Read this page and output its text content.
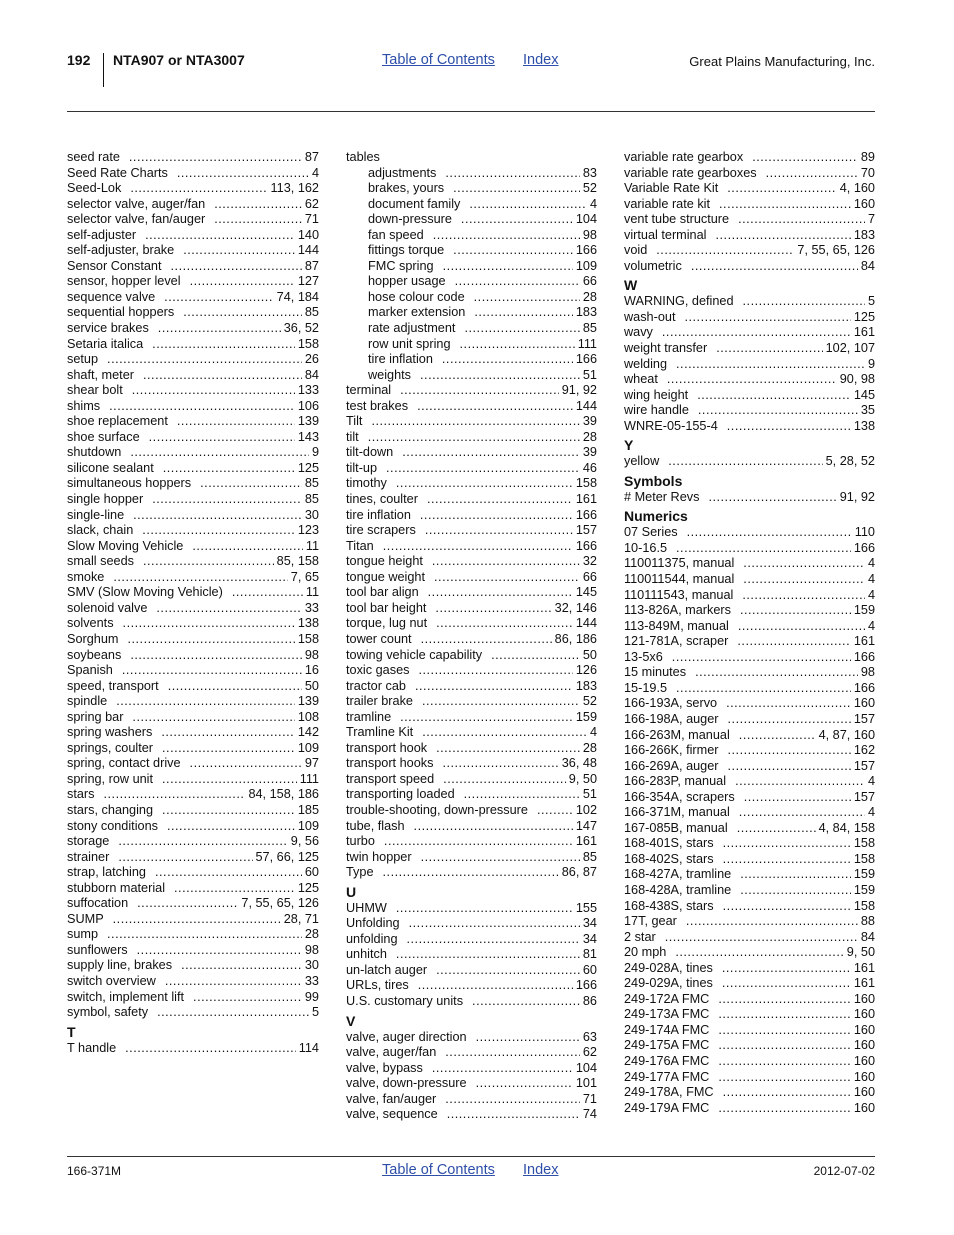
192 NTA907 or NTA3007	Table of Contents Index	Great Plains Manufacturing, Inc.
seed rate .....	87
Seed Rate Charts .....	4
Seed-Lok .....	113, 162
selector valve, auger/fan .....	62
selector valve, fan/auger .....	71
self-adjuster .....	140
self-adjuster, brake .....	144
Sensor Constant .....	87
sensor, hopper level .....	127
sequence valve .....	74, 184
sequential hoppers .....	85
service brakes .....	36, 52
Setaria italica .....	158
setup .....	26
shaft, meter .....	84
shear bolt .....	133
shims .....	106
shoe replacement .....	139
shoe surface .....	143
shutdown .....	9
silicone sealant .....	125
simultaneous hoppers .....	85
single hopper .....	85
single-line .....	30
slack, chain .....	123
Slow Moving Vehicle .....	11
small seeds .....	85, 158
smoke .....	7, 65
SMV (Slow Moving Vehicle) .....	11
solenoid valve .....	33
solvents .....	138
Sorghum .....	158
soybeans .....	98
Spanish .....	16
speed, transport .....	50
spindle .....	139
spring bar .....	108
spring washers .....	142
springs, coulter .....	109
spring, contact drive .....	97
spring, row unit .....	111
stars .....	84, 158, 186
stars, changing .....	185
stony conditions .....	109
storage .....	9, 56
strainer .....	57, 66, 125
strap, latching .....	60
stubborn material .....	125
suffocation .....	7, 55, 65, 126
SUMP .....	28, 71
sump .....	28
sunflowers .....	98
supply line, brakes .....	30
switch overview .....	33
switch, implement lift .....	99
symbol, safety .....	5
T
T handle .....	114
tables
adjustments .....	83
brakes, yours .....	52
document family .....	4
down-pressure .....	104
fan speed .....	98
fittings torque .....	166
FMC spring .....	109
hopper usage .....	66
hose colour code .....	28
marker extension .....	183
rate adjustment .....	85
row unit spring .....	111
tire inflation .....	166
weights .....	51
terminal .....	91, 92
test brakes .....	144
Tilt .....	39
tilt .....	28
tilt-down .....	39
tilt-up .....	46
timothy .....	158
tines, coulter .....	161
tire inflation .....	166
tire scrapers .....	157
Titan .....	166
tongue height .....	32
tongue weight .....	66
tool bar align .....	145
tool bar height .....	32, 146
torque, lug nut .....	144
tower count .....	86, 186
towing vehicle capability .....	50
toxic gases .....	126
tractor cab .....	183
trailer brake .....	52
tramline .....	159
Tramline Kit .....	4
transport hook .....	28
transport hooks .....	36, 48
transport speed .....	9, 50
transporting loaded .....	51
trouble-shooting, down-pressure .....	102
tube, flash .....	147
turbo .....	161
twin hopper .....	85
Type .....	86, 87
U
UHMW .....	155
Unfolding .....	34
unfolding .....	34
unhitch .....	81
un-latch auger .....	60
URLs, tires .....	166
U.S. customary units .....	86
V
valve, auger direction .....	63
valve, auger/fan .....	62
valve, bypass .....	104
valve, down-pressure .....	101
valve, fan/auger .....	71
valve, sequence .....	74
variable rate gearbox .....	89
variable rate gearboxes .....	70
Variable Rate Kit .....	4, 160
variable rate kit .....	160
vent tube structure .....	7
virtual terminal .....	183
void .....	7, 55, 65, 126
volumetric .....	84
W
WARNING, defined .....	5
wash-out .....	125
wavy .....	161
weight transfer .....	102, 107
welding .....	9
wheat .....	90, 98
wing height .....	145
wire handle .....	35
WNRE-05-155-4 .....	138
Y
yellow .....	5, 28, 52
Symbols
# Meter Revs .....	91, 92
Numerics
07 Series .....	110
10-16.5 .....	166
110011375, manual .....	4
110011544, manual .....	4
110111543, manual .....	4
113-826A, markers .....	159
113-849M, manual .....	4
121-781A, scraper .....	161
13-5x6 .....	166
15 minutes .....	98
15-19.5 .....	166
166-193A, servo .....	160
166-198A, auger .....	157
166-263M, manual .....	4, 87, 160
166-266K, firmer .....	162
166-269A, auger .....	157
166-283P, manual .....	4
166-354A, scrapers .....	157
166-371M, manual .....	4
167-085B, manual .....	4, 84, 158
168-401S, stars .....	158
168-402S, stars .....	158
168-427A, tramline .....	159
168-428A, tramline .....	159
168-438S, stars .....	158
17T, gear .....	88
2 star .....	84
20 mph .....	9, 50
249-028A, tines .....	161
249-029A, tines .....	161
249-172A FMC .....	160
249-173A FMC .....	160
249-174A FMC .....	160
249-175A FMC .....	160
249-176A FMC .....	160
249-177A FMC .....	160
249-178A, FMC .....	160
249-179A FMC .....	160
166-371M	Table of Contents Index	2012-07-02
